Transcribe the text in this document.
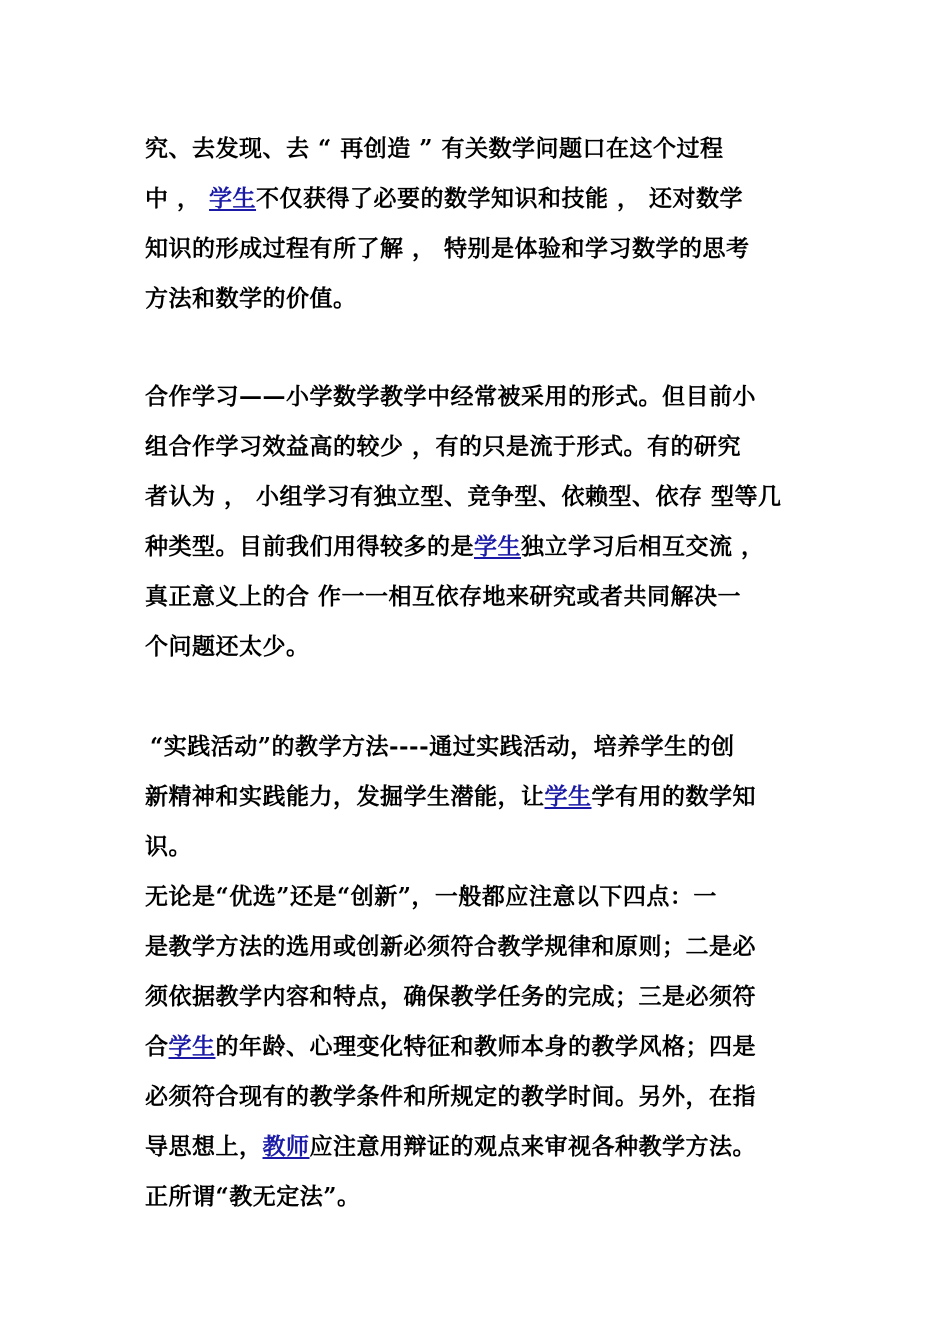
究、去发现、去 “ 再创造 ” 有关数学问题口在这个过程
中 ， 学生不仅获得了必要的数学知识和技能 ， 还对数学
知识的形成过程有所了解 ， 特别是体验和学习数学的思考
方法和数学的价值。
合作学习——小学数学教学中经常被采用的形式。但目前小
组合作学习效益高的较少 ，有的只是流于形式。有的研究
者认为 ， 小组学习有独立型、竞争型、依赖型、依存 型等几
种类型。目前我们用得较多的是学生独立学习后相互交流 ，
真正意义上的合 作一一相互依存地来研究或者共同解决一
个问题还太少。
“实践活动”的教学方法----通过实践活动，培养学生的创
新精神和实践能力，发掘学生潜能，让学生学有用的数学知
识。
无论是“优选”还是“创新”，一般都应注意以下四点：一
是教学方法的选用或创新必须符合教学规律和原则；二是必
须依据教学内容和特点，确保教学任务的完成；三是必须符
合学生的年龄、心理变化特征和教师本身的教学风格；四是
必须符合现有的教学条件和所规定的教学时间。另外，在指
导思想上，教师应注意用辩证的观点来审视各种教学方法。
正所谓“教无定法”。
